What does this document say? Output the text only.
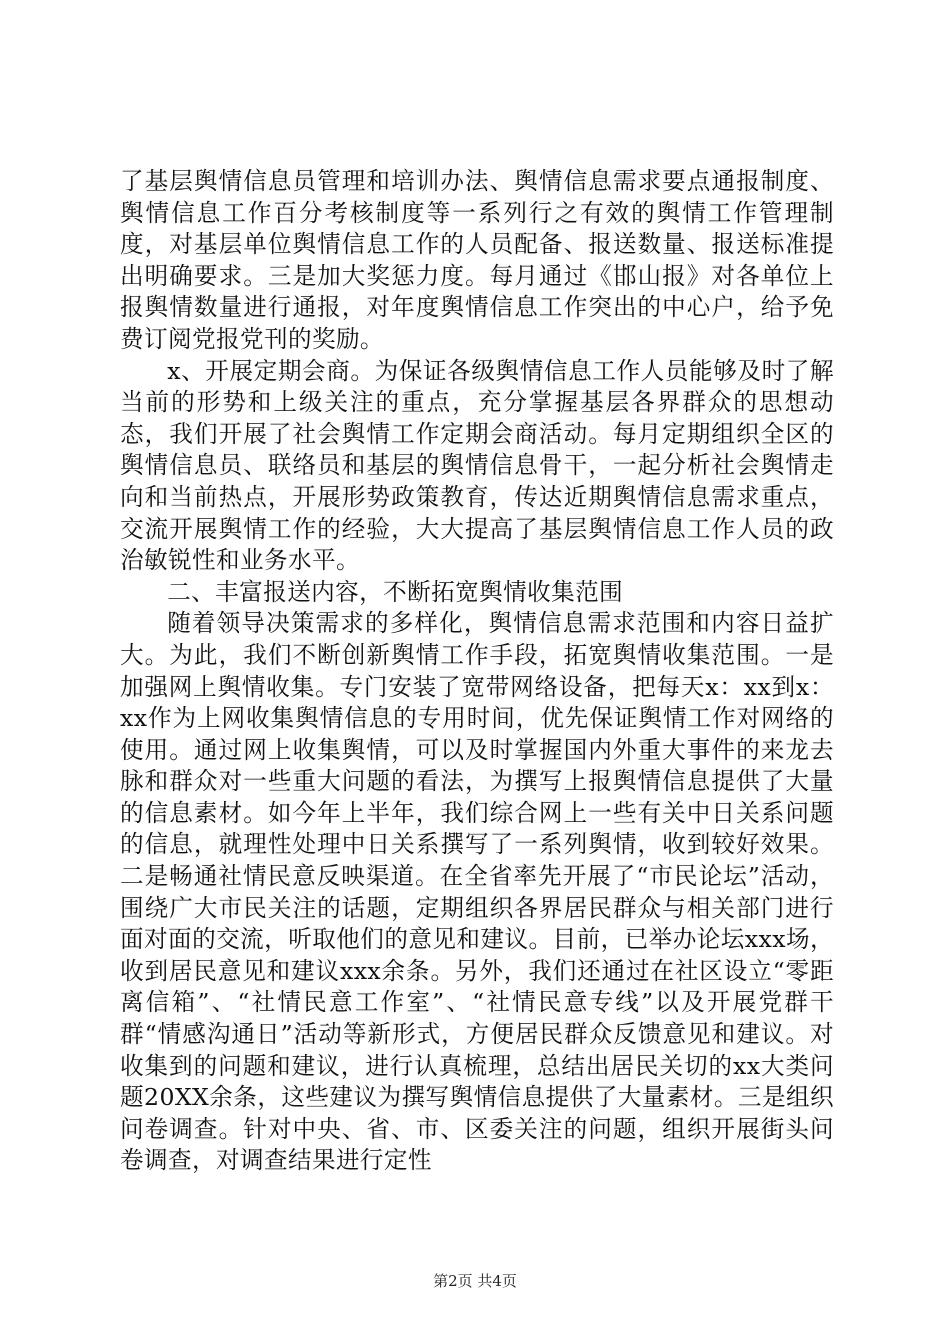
了基层舆情信息员管理和培训办法、舆情信息需求要点通报制度、舆情信息工作百分考核制度等一系列行之有效的舆情工作管理制度，对基层单位舆情信息工作的人员配备、报送数量、报送标准提出明确要求。三是加大奖惩力度。每月通过《邯山报》对各单位上报舆情数量进行通报，对年度舆情信息工作突出的中心户，给予免费订阅党报党刊的奖励。

x、开展定期会商。为保证各级舆情信息工作人员能够及时了解当前的形势和上级关注的重点，充分掌握基层各界群众的思想动态，我们开展了社会舆情工作定期会商活动。每月定期组织全区的舆情信息员、联络员和基层的舆情信息骨干，一起分析社会舆情走向和当前热点，开展形势政策教育，传达近期舆情信息需求重点，交流开展舆情工作的经验，大大提高了基层舆情信息工作人员的政治敏锐性和业务水平。

二、丰富报送内容，不断拓宽舆情收集范围

随着领导决策需求的多样化，舆情信息需求范围和内容日益扩大。为此，我们不断创新舆情工作手段，拓宽舆情收集范围。一是加强网上舆情收集。专门安装了宽带网络设备，把每天x：xx到x：xx作为上网收集舆情信息的专用时间，优先保证舆情工作对网络的使用。通过网上收集舆情，可以及时掌握国内外重大事件的来龙去脉和群众对一些重大问题的看法，为撰写上报舆情信息提供了大量的信息素材。如今年上半年，我们综合网上一些有关中日关系问题的信息，就理性处理中日关系撰写了一系列舆情，收到较好效果。二是畅通社情民意反映渠道。在全省率先开展了“市民论坛”活动，围绕广大市民关注的话题，定期组织各界居民群众与相关部门进行面对面的交流，听取他们的意见和建议。目前，已举办论坛xxx场，收到居民意见和建议xxx余条。另外，我们还通过在社区设立“零距离信箱”、“社情民意工作室”、“社情民意专线”以及开展党群干群“情感沟通日”活动等新形式，方便居民群众反馈意见和建议。对收集到的问题和建议，进行认真梳理，总结出居民关切的xx大类问题20XX余条，这些建议为撰写舆情信息提供了大量素材。三是组织问卷调查。针对中央、省、市、区委关注的问题，组织开展街头问卷调查，对调查结果进行定性

第2页 共4页
